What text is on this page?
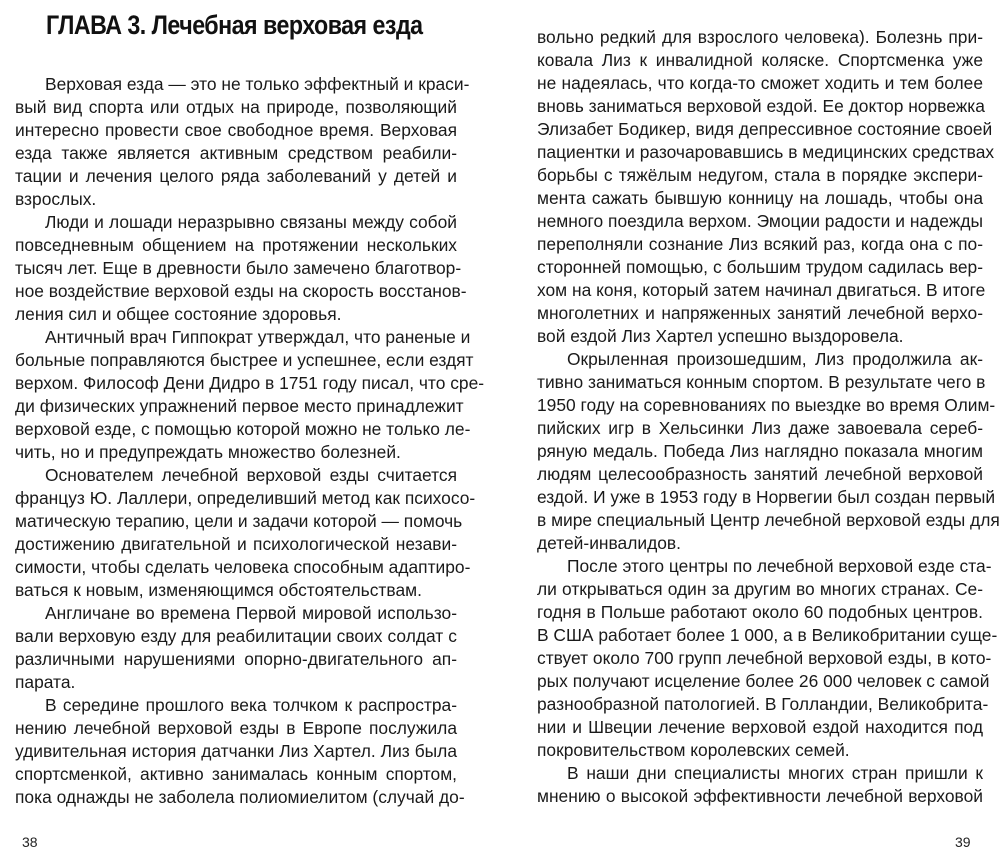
ГЛАВА 3. Лечебная верховая езда
Верховая езда — это не только эффектный и краси-
вый вид спорта или отдых на природе, позволяющий
интересно провести свое свободное время. Верховая
езда также является активным средством реабили-
тации и лечения целого ряда заболеваний у детей и
взрослых.
Люди и лошади неразрывно связаны между собой
повседневным общением на протяжении нескольких
тысяч лет. Еще в древности было замечено благотвор-
ное воздействие верховой езды на скорость восстанов-
ления сил и общее состояние здоровья.
Античный врач Гиппократ утверждал, что раненые и
больные поправляются быстрее и успешнее, если ездят
верхом. Философ Дени Дидро в 1751 году писал, что сре-
ди физических упражнений первое место принадлежит
верховой езде, с помощью которой можно не только ле-
чить, но и предупреждать множество болезней.
Основателем лечебной верховой езды считается
француз Ю. Лаллери, определивший метод как психосо-
матическую терапию, цели и задачи которой — помочь
достижению двигательной и психологической незави-
симости, чтобы сделать человека способным адаптиро-
ваться к новым, изменяющимся обстоятельствам.
Англичане во времена Первой мировой использо-
вали верховую езду для реабилитации своих солдат с
различными нарушениями опорно-двигательного ап-
парата.
В середине прошлого века толчком к распростра-
нению лечебной верховой езды в Европе послужила
удивительная история датчанки Лиз Хартел. Лиз была
спортсменкой, активно занималась конным спортом,
пока однажды не заболела полиомиелитом (случай до-
38
вольно редкий для взрослого человека). Болезнь при-
ковала Лиз к инвалидной коляске. Спортсменка уже
не надеялась, что когда-то сможет ходить и тем более
вновь заниматься верховой ездой. Ее доктор норвежка
Элизабет Бодикер, видя депрессивное состояние своей
пациентки и разочаровавшись в медицинских средствах
борьбы с тяжёлым недугом, стала в порядке экспери-
мента сажать бывшую конницу на лошадь, чтобы она
немного поездила верхом. Эмоции радости и надежды
переполняли сознание Лиз всякий раз, когда она с по-
сторонней помощью, с большим трудом садилась вер-
хом на коня, который затем начинал двигаться. В итоге
многолетних и напряженных занятий лечебной верхо-
вой ездой Лиз Хартел успешно выздоровела.
Окрыленная произошедшим, Лиз продолжила ак-
тивно заниматься конным спортом. В результате чего в
1950 году на соревнованиях по выездке во время Олим-
пийских игр в Хельсинки Лиз даже завоевала сереб-
ряную медаль. Победа Лиз наглядно показала многим
людям целесообразность занятий лечебной верховой
ездой. И уже в 1953 году в Норвегии был создан первый
в мире специальный Центр лечебной верховой езды для
детей-инвалидов.
После этого центры по лечебной верховой езде ста-
ли открываться один за другим во многих странах. Се-
годня в Польше работают около 60 подобных центров.
В США работает более 1 000, а в Великобритании суще-
ствует около 700 групп лечебной верховой езды, в кото-
рых получают исцеление более 26 000 человек с самой
разнообразной патологией. В Голландии, Великобрита-
нии и Швеции лечение верховой ездой находится под
покровительством королевских семей.
В наши дни специалисты многих стран пришли к
мнению о высокой эффективности лечебной верховой
39
